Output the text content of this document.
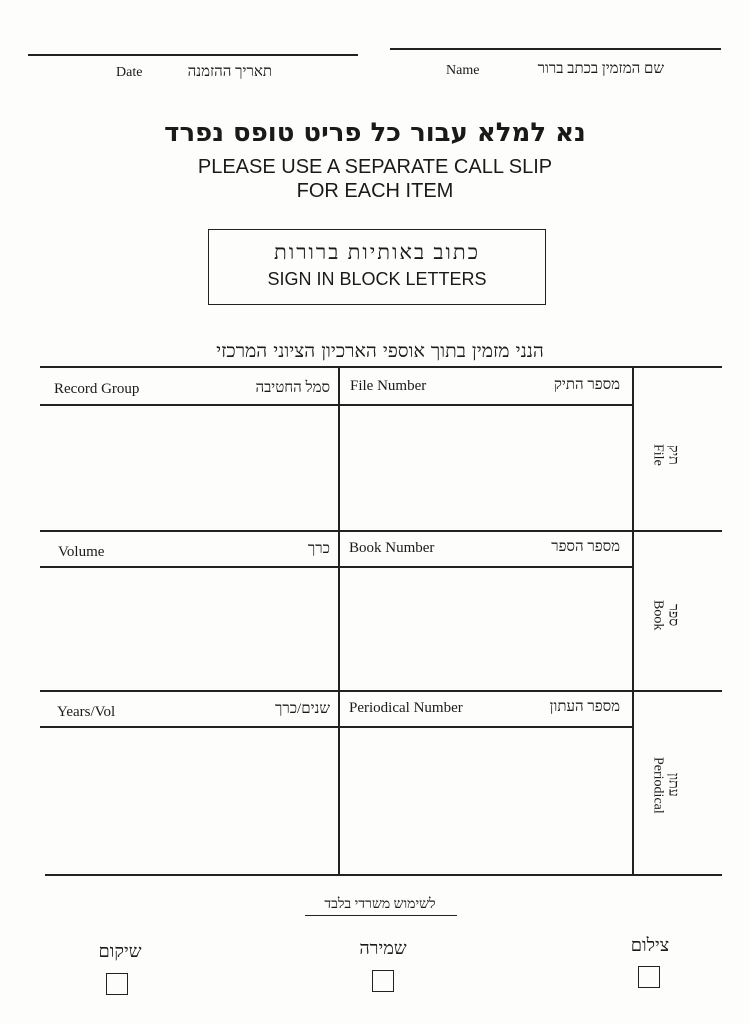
Date	תאריך ההזמנה	Name	שם המזמין בכתב ברור
נא למלא עבור כל פריט טופס נפרד
PLEASE USE A SEPARATE CALL SLIP
FOR EACH ITEM
כתוב באותיות ברורות
SIGN IN BLOCK LETTERS
הנני מזמין בתוך אוספי הארכיון הציוני המרכזי
Record Group	סמל החטיבה File Number	מספר התיק
תיק
File
Volume	כרך Book Number	מספר הספר
ספר
Book
Years/Vol	שנים/כרך Periodical Number	מספר העתון
עתון
Periodical
לשימוש משרדי בלבד
שיקום	שמירה	צילום
